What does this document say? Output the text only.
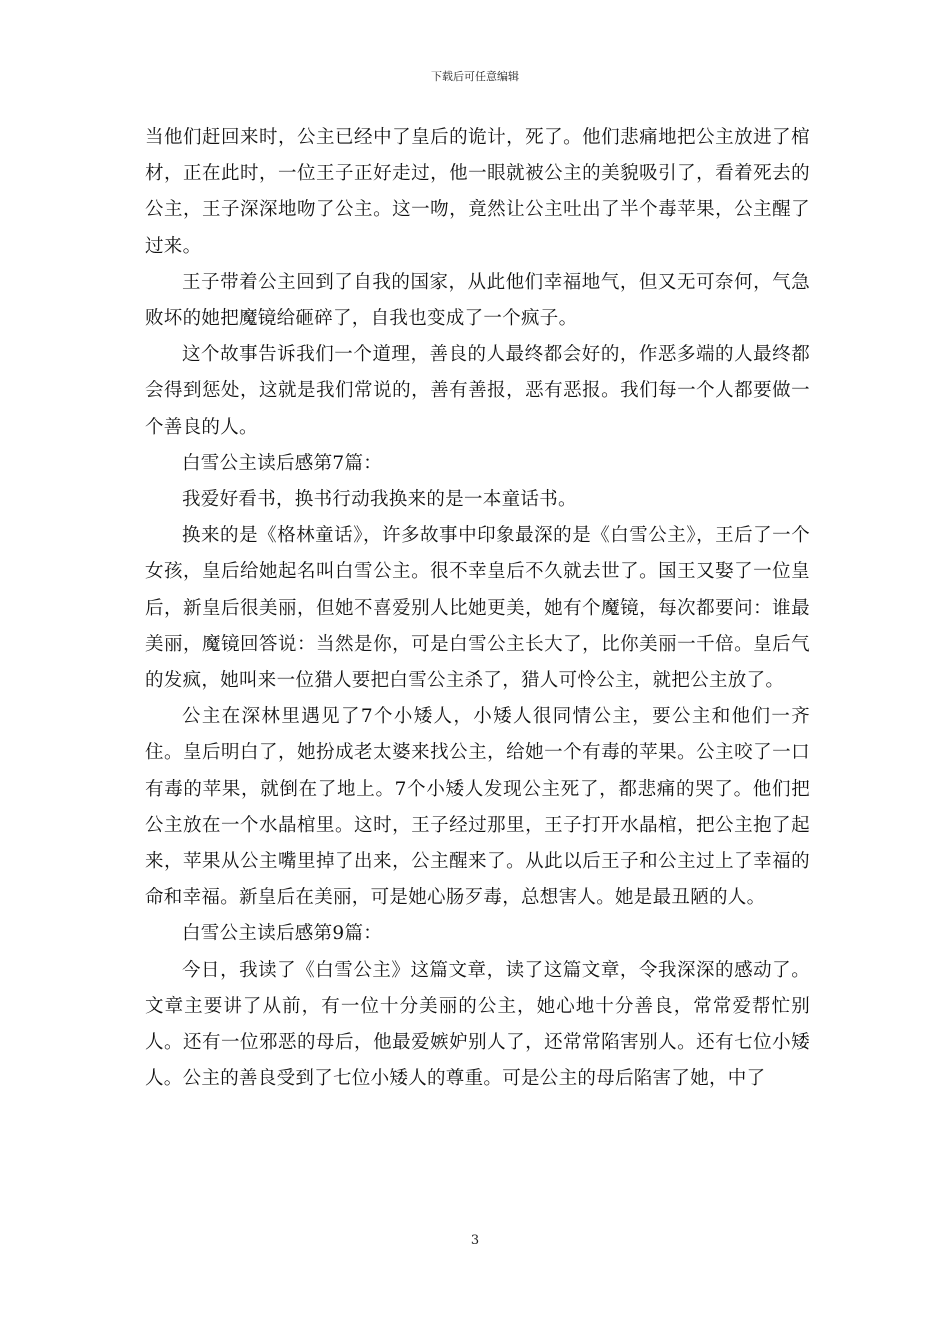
下载后可任意编辑

当他们赶回来时，公主已经中了皇后的诡计，死了。他们悲痛地把公主放进了棺材，正在此时，一位王子正好走过，他一眼就被公主的美貌吸引了，看着死去的公主，王子深深地吻了公主。这一吻，竟然让公主吐出了半个毒苹果，公主醒了过来。

王子带着公主回到了自我的国家，从此他们幸福地气，但又无可奈何，气急败坏的她把魔镜给砸碎了，自我也变成了一个疯子。

这个故事告诉我们一个道理，善良的人最终都会好的，作恶多端的人最终都会得到惩处，这就是我们常说的，善有善报，恶有恶报。我们每一个人都要做一个善良的人。

白雪公主读后感第7篇：

我爱好看书，换书行动我换来的是一本童话书。

换来的是《格林童话》，许多故事中印象最深的是《白雪公主》，王后了一个女孩，皇后给她起名叫白雪公主。很不幸皇后不久就去世了。国王又娶了一位皇后，新皇后很美丽，但她不喜爱别人比她更美，她有个魔镜，每次都要问：谁最美丽，魔镜回答说：当然是你，可是白雪公主长大了，比你美丽一千倍。皇后气的发疯，她叫来一位猎人要把白雪公主杀了，猎人可怜公主，就把公主放了。

公主在深林里遇见了7个小矮人，小矮人很同情公主，要公主和他们一齐住。皇后明白了，她扮成老太婆来找公主，给她一个有毒的苹果。公主咬了一口有毒的苹果，就倒在了地上。7个小矮人发现公主死了，都悲痛的哭了。他们把公主放在一个水晶棺里。这时，王子经过那里，王子打开水晶棺，把公主抱了起来，苹果从公主嘴里掉了出来，公主醒来了。从此以后王子和公主过上了幸福的命和幸福。新皇后在美丽，可是她心肠歹毒，总想害人。她是最丑陋的人。

白雪公主读后感第9篇：

今日，我读了《白雪公主》这篇文章，读了这篇文章，令我深深的感动了。文章主要讲了从前，有一位十分美丽的公主，她心地十分善良，常常爱帮忙别人。还有一位邪恶的母后，他最爱嫉妒别人了，还常常陷害别人。还有七位小矮人。公主的善良受到了七位小矮人的尊重。可是公主的母后陷害了她，中了

3
